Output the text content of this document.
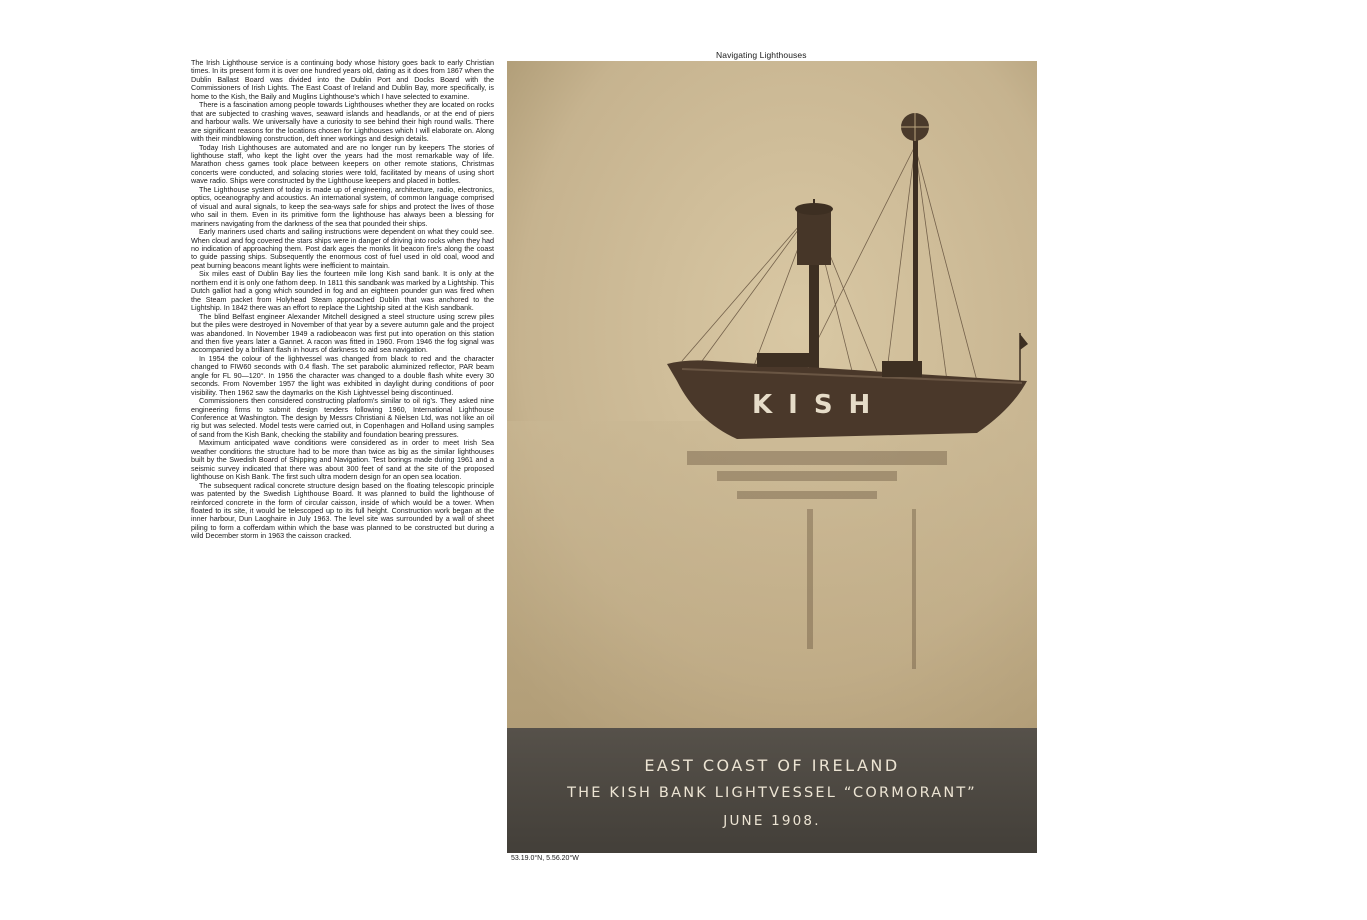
Navigating Lighthouses

The Irish Lighthouse service is a continuing body whose history goes back to early Christian times. In its present form it is over one hundred years old, dating as it does from 1867 when the Dublin Ballast Board was divided into the Dublin Port and Docks Board with the Commissioners of Irish Lights. The East Coast of Ireland and Dublin Bay, more specifically, is home to the Kish, the Baily and Muglins Lighthouse's which I have selected to examine.

There is a fascination among people towards Lighthouses whether they are located on rocks that are subjected to crashing waves, seaward islands and headlands, or at the end of piers and harbour walls. We universally have a curiosity to see behind their high round walls. There are significant reasons for the locations chosen for Lighthouses which I will elaborate on. Along with their mindblowing construction, deft inner workings and design details.

Today Irish Lighthouses are automated and are no longer run by keepers The stories of lighthouse staff, who kept the light over the years had the most remarkable way of life. Marathon chess games took place between keepers on other remote stations, Christmas concerts were conducted, and solacing stories were told, facilitated by means of using short wave radio. Ships were constructed by the Lighthouse keepers and placed in bottles.

The Lighthouse system of today is made up of engineering, architecture, radio, electronics, optics, oceanography and acoustics. An international system, of common language comprised of visual and aural signals, to keep the sea-ways safe for ships and protect the lives of those who sail in them. Even in its primitive form the lighthouse has always been a blessing for mariners navigating from the darkness of the sea that pounded their ships.

Early mariners used charts and sailing instructions were dependent on what they could see. When cloud and fog covered the stars ships were in danger of driving into rocks when they had no indication of approaching them. Post dark ages the monks lit beacon fire's along the coast to guide passing ships. Subsequently the enormous cost of fuel used in old coal, wood and peat burning beacons meant lights were inefficient to maintain.

Six miles east of Dublin Bay lies the fourteen mile long Kish sand bank. It is only at the northern end it is only one fathom deep. In 1811 this sandbank was marked by a Lightship. This Dutch galliot had a gong which sounded in fog and an eighteen pounder gun was fired when the Steam packet from Holyhead Steam approached Dublin that was anchored to the Lightship. In 1842 there was an effort to replace the Lightship sited at the Kish sandbank.

The blind Belfast engineer Alexander Mitchell designed a steel structure using screw piles but the piles were destroyed in November of that year by a severe autumn gale and the project was abandoned. In November 1949 a radiobeacon was first put into operation on this station and then five years later a Gannet. A racon was fitted in 1960. From 1946 the fog signal was accompanied by a brilliant flash in hours of darkness to aid sea navigation.

In 1954 the colour of the lightvessel was changed from black to red and the character changed to FIW60 seconds with 0.4 flash. The set parabolic aluminized reflector, PAR beam angle for FL 90—120°. In 1956 the character was changed to a double flash white every 30 seconds. From November 1957 the light was exhibited in daylight during conditions of poor visibility. Then 1962 saw the daymarks on the Kish Lightvessel being discontinued.

Commissioners then considered constructing platform's similar to oil rig's. They asked nine engineering firms to submit design tenders following 1960, International Lighthouse Conference at Washington. The design by Messrs Christiani & Nielsen Ltd, was not like an oil rig but was selected. Model tests were carried out, in Copenhagen and Holland using samples of sand from the Kish Bank, checking the stability and foundation bearing pressures.

Maximum anticipated wave conditions were considered as in order to meet Irish Sea weather conditions the structure had to be more than twice as big as the similar lighthouses built by the Swedish Board of Shipping and Navigation. Test borings made during 1961 and a seismic survey indicated that there was about 300 feet of sand at the site of the proposed lighthouse on Kish Bank. The first such ultra modern design for an open sea location.

The subsequent radical concrete structure design based on the floating telescopic principle was patented by the Swedish Lighthouse Board. It was planned to build the lighthouse of reinforced concrete in the form of circular caisson, inside of which would be a tower. When floated to its site, it would be telescoped up to its full height. Construction work began at the inner harbour, Dun Laoghaire in July 1963. The level site was surrounded by a wall of sheet piling to form a cofferdam within which the base was planned to be constructed but during a wild December storm in 1963 the caisson cracked.

KISH
EAST COAST OF IRELAND
THE KISH BANK LIGHTVESSEL “CORMORANT”
JUNE 1908.
53.19.0°N, 5.56.20°W
